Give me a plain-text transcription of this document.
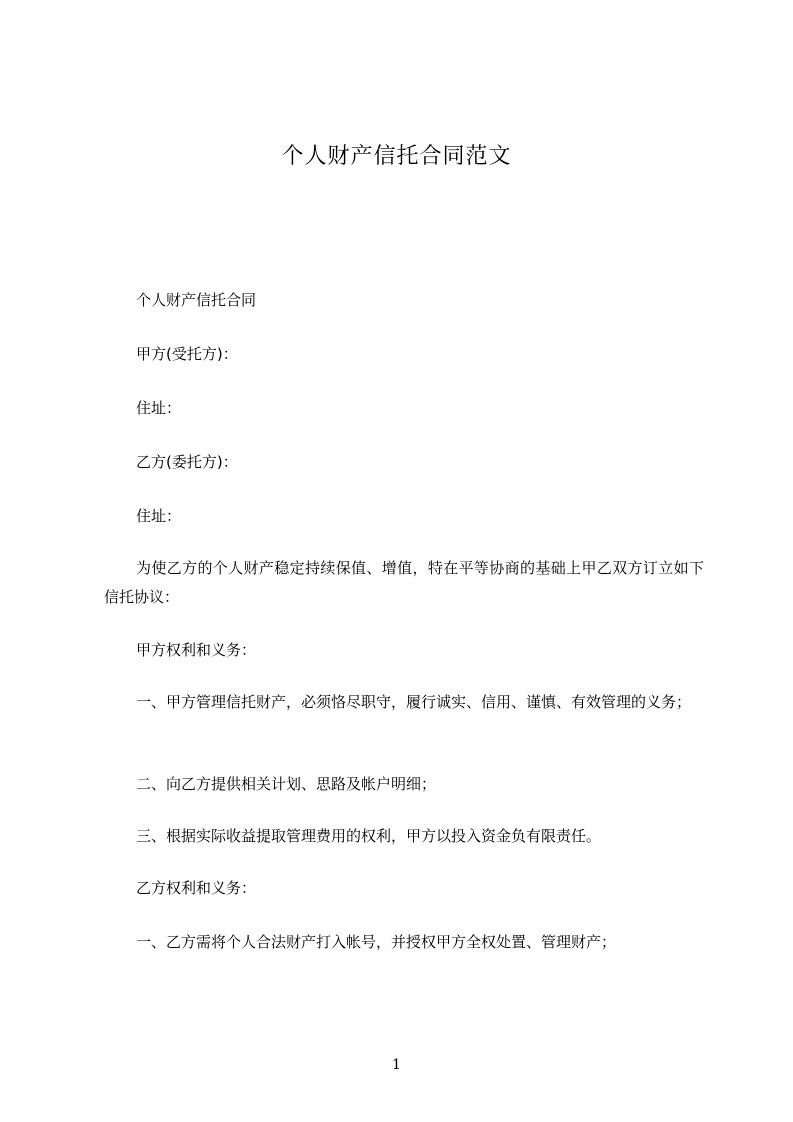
个人财产信托合同范文

个人财产信托合同

甲方(受托方)：

住址：

乙方(委托方)：

住址：

为使乙方的个人财产稳定持续保值、增值，特在平等协商的基础上甲乙双方订立如下信托协议：

甲方权利和义务：

一、甲方管理信托财产，必须恪尽职守，履行诚实、信用、谨慎、有效管理的义务；

二、向乙方提供相关计划、思路及帐户明细；

三、根据实际收益提取管理费用的权利，甲方以投入资金负有限责任。

乙方权利和义务：

一、乙方需将个人合法财产打入帐号，并授权甲方全权处置、管理财产；

1
